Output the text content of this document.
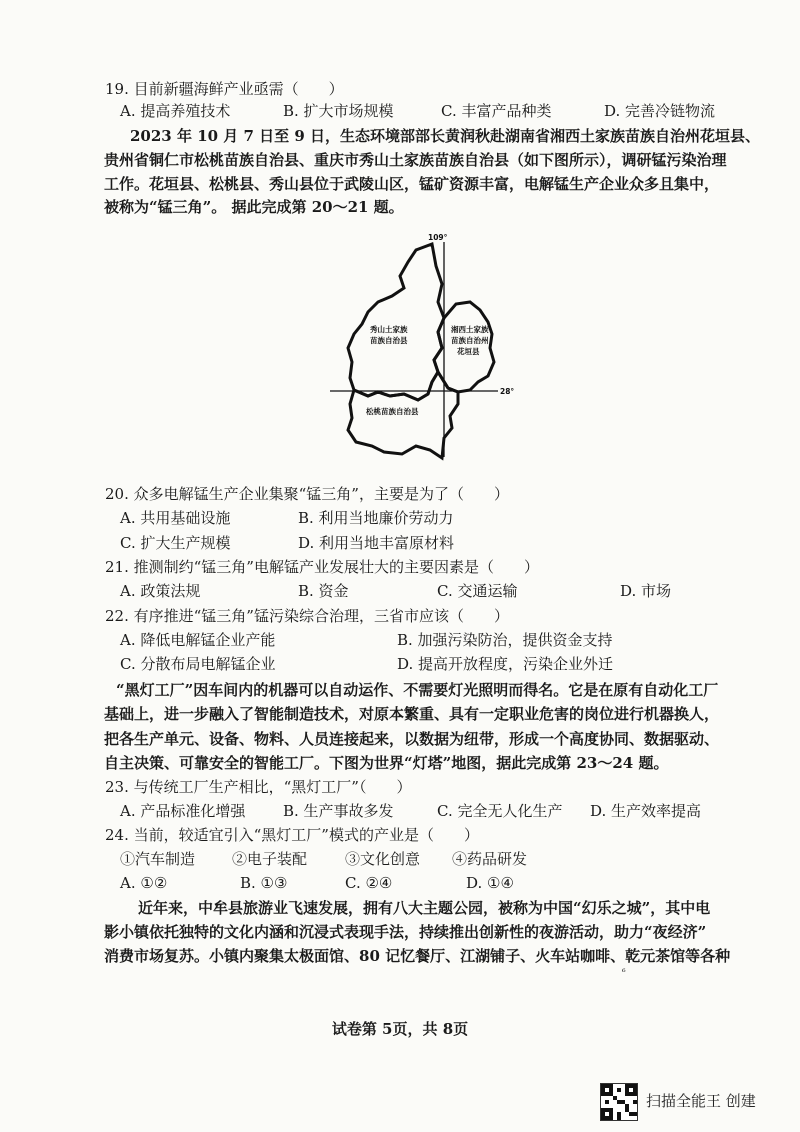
19. 目前新疆海鲜产业亟需（　　）
A. 提高养殖技术	B. 扩大市场规模	C. 丰富产品种类	D. 完善冷链物流
2023 年 10 月 7 日至 9 日，生态环境部部长黄润秋赴湖南省湘西土家族苗族自治州花垣县、
贵州省铜仁市松桃苗族自治县、重庆市秀山土家族苗族自治县（如下图所示），调研锰污染治理
工作。花垣县、松桃县、秀山县位于武陵山区，锰矿资源丰富，电解锰生产企业众多且集中，
被称为“锰三角”。 据此完成第 20～21 题。
109°
28°
秀山土家族
苗族自治县
湘西土家族
苗族自治州
花垣县
松桃苗族自治县
20. 众多电解锰生产企业集聚“锰三角”，主要是为了（　　）
A. 共用基础设施	B. 利用当地廉价劳动力
C. 扩大生产规模	D. 利用当地丰富原材料
21. 推测制约“锰三角”电解锰产业发展壮大的主要因素是（　　）
A. 政策法规	B. 资金	C. 交通运输	D. 市场
22. 有序推进“锰三角”锰污染综合治理，三省市应该（　　）
A. 降低电解锰企业产能	B. 加强污染防治，提供资金支持
C. 分散布局电解锰企业	D. 提高开放程度，污染企业外迁
“黑灯工厂”因车间内的机器可以自动运作、不需要灯光照明而得名。它是在原有自动化工厂
基础上，进一步融入了智能制造技术，对原本繁重、具有一定职业危害的岗位进行机器换人，
把各生产单元、设备、物料、人员连接起来，以数据为纽带，形成一个高度协同、数据驱动、
自主决策、可靠安全的智能工厂。下图为世界“灯塔”地图，据此完成第 23～24 题。
23. 与传统工厂生产相比，“黑灯工厂”（　　）
A. 产品标准化增强	B. 生产事故多发	C. 完全无人化生产 D. 生产效率提高
24. 当前，较适宜引入“黑灯工厂”模式的产业是（　　）
①汽车制造 ②电子装配	③文化创意 ④药品研发
A. ①②	B. ①③	C. ②④	D. ①④
近年来，中牟县旅游业飞速发展，拥有八大主题公园，被称为中国“幻乐之城”，其中电
影小镇依托独特的文化内涵和沉浸式表现手法，持续推出创新性的夜游活动，助力“夜经济”
消费市场复苏。小镇内聚集太极面馆、80 记忆餐厅、江湖铺子、火车站咖啡、乾元茶馆等各种
⁶
试卷第 5页，共 8页
扫描全能王 创建
